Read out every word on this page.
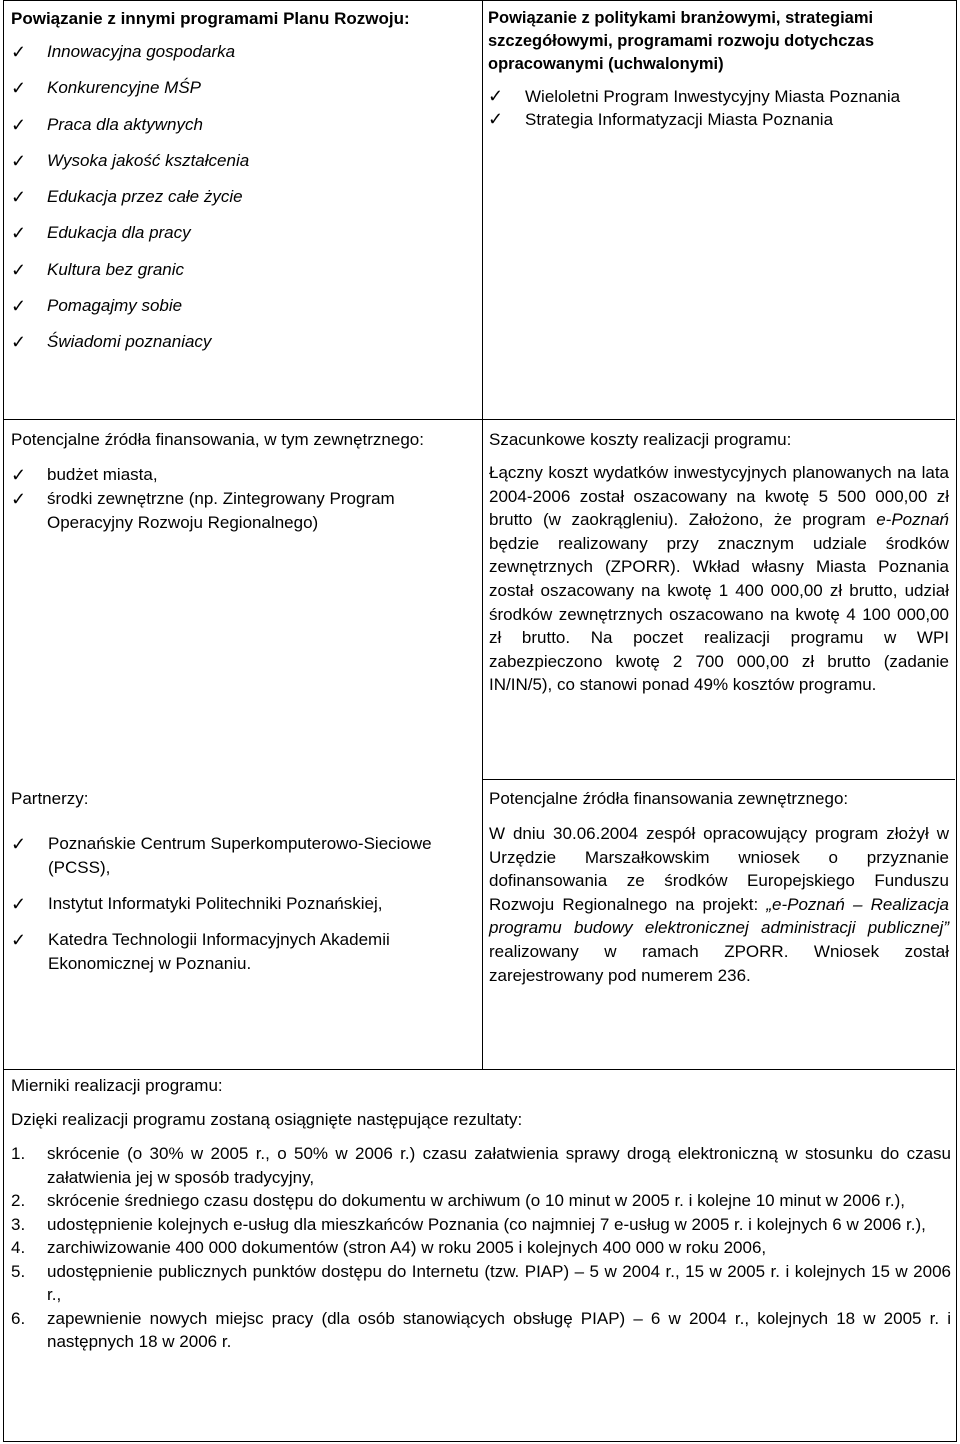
Powiązanie z innymi programami Planu Rozwoju:
✓	Innowacyjna gospodarka
✓	Konkurencyjne MŚP
✓	Praca dla aktywnych
✓	Wysoka jakość kształcenia
✓	Edukacja przez całe życie
✓	Edukacja dla pracy
✓	Kultura bez granic
✓	Pomagajmy sobie
✓	Świadomi poznaniacy
Powiązanie z politykami branżowymi, strategiami szczegółowymi, programami rozwoju dotychczas opracowanymi (uchwalonymi)
✓	Wieloletni Program Inwestycyjny Miasta Poznania
✓	Strategia Informatyzacji Miasta Poznania
Potencjalne źródła finansowania, w tym zewnętrznego:
✓	budżet miasta,
✓	środki zewnętrzne (np. Zintegrowany Program Operacyjny Rozwoju Regionalnego)
Partnerzy:
✓	Poznańskie Centrum Superkomputerowo-Sieciowe (PCSS),
✓	Instytut Informatyki Politechniki Poznańskiej,
✓	Katedra Technologii Informacyjnych Akademii Ekonomicznej w Poznaniu.
Szacunkowe koszty realizacji programu:
Łączny koszt wydatków inwestycyjnych planowanych na lata 2004-2006 został oszacowany na kwotę 5 500 000,00 zł brutto (w zaokrągleniu). Założono, że program e-Poznań będzie realizowany przy znacznym udziale środków zewnętrznych (ZPORR). Wkład własny Miasta Poznania został oszacowany na kwotę 1 400 000,00 zł brutto, udział środków zewnętrznych oszacowano na kwotę 4 100 000,00 zł brutto. Na poczet realizacji programu w WPI zabezpieczono kwotę 2 700 000,00 zł brutto (zadanie IN/IN/5), co stanowi ponad 49% kosztów programu.
Potencjalne źródła finansowania zewnętrznego:
W dniu 30.06.2004 zespół opracowujący program złożył w Urzędzie Marszałkowskim wniosek o przyznanie dofinansowania ze środków Europejskiego Funduszu Rozwoju Regionalnego na projekt: „e-Poznań – Realizacja programu budowy elektronicznej administracji publicznej” realizowany w ramach ZPORR. Wniosek został zarejestrowany pod numerem 236.
Mierniki realizacji programu:
Dzięki realizacji programu zostaną osiągnięte następujące rezultaty:
1. skrócenie (o 30% w 2005 r., o 50% w 2006 r.) czasu załatwienia sprawy drogą elektroniczną w stosunku do czasu załatwienia jej w sposób tradycyjny,
2. skrócenie średniego czasu dostępu do dokumentu w archiwum (o 10 minut w 2005 r. i kolejne 10 minut w 2006 r.),
3. udostępnienie kolejnych e-usług dla mieszkańców Poznania (co najmniej 7 e-usług w 2005 r. i kolejnych 6 w 2006 r.),
4. zarchiwizowanie 400 000 dokumentów (stron A4) w roku 2005 i kolejnych 400 000 w roku 2006,
5. udostępnienie publicznych punktów dostępu do Internetu (tzw. PIAP) – 5 w 2004 r., 15 w 2005 r. i kolejnych 15 w 2006 r.,
6. zapewnienie nowych miejsc pracy (dla osób stanowiących obsługę PIAP) – 6 w 2004 r., kolejnych 18 w 2005 r. i następnych 18 w 2006 r.
